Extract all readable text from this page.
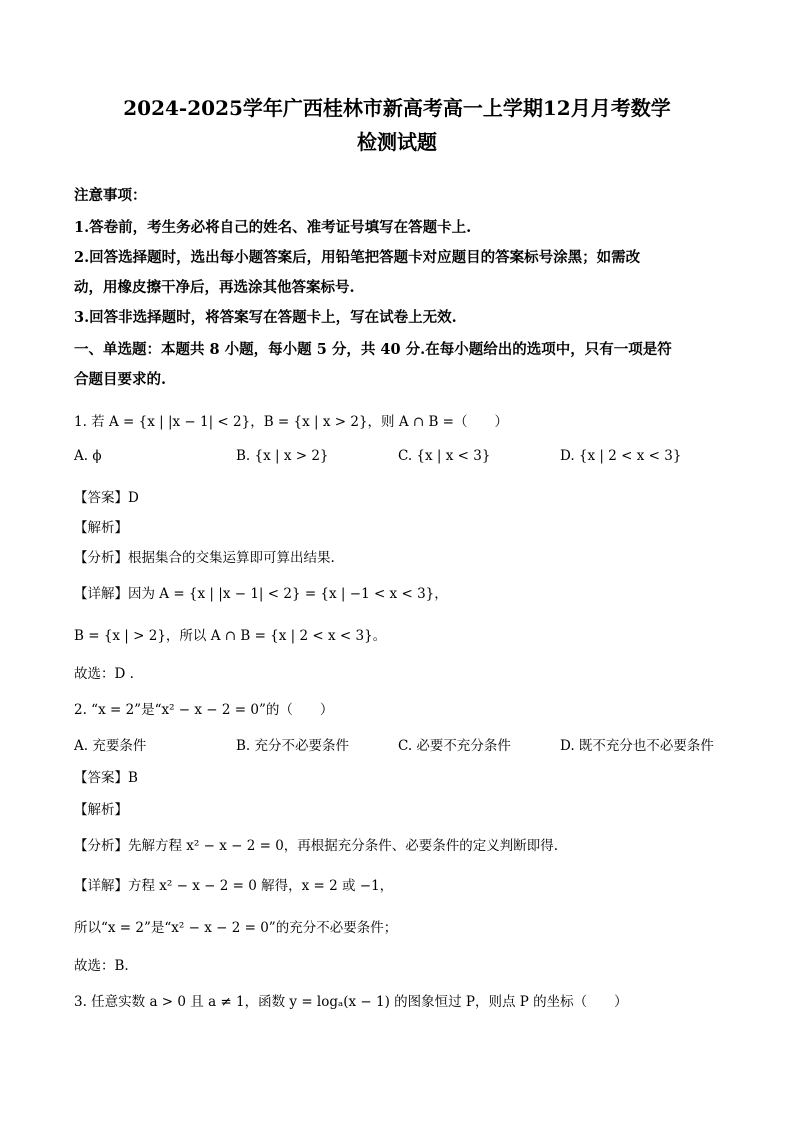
2024-2025学年广西桂林市新高考高一上学期12月月考数学
检测试题
注意事项：
1.答卷前，考生务必将自己的姓名、准考证号填写在答题卡上.
2.回答选择题时，选出每小题答案后，用铅笔把答题卡对应题目的答案标号涂黑；如需改
动，用橡皮擦干净后，再选涂其他答案标号.
3.回答非选择题时，将答案写在答题卡上，写在试卷上无效.
一、单选题：本题共 8 小题，每小题 5 分，共 40 分.在每小题给出的选项中，只有一项是符
合题目要求的.
1. 若 A = {x | |x − 1| < 2}，B = {x | x > 2}，则 A ∩ B =（　　）
A. ϕ	B. {x | x > 2}	C. {x | x < 3}	D. {x | 2 < x < 3}
【答案】D
【解析】
【分析】根据集合的交集运算即可算出结果.
【详解】因为 A = {x | |x − 1| < 2} = {x | −1 < x < 3}，
B = {x | > 2}，所以 A ∩ B = {x | 2 < x < 3}。
故选：D .
2. “x = 2”是“x² − x − 2 = 0”的（　　）
A. 充要条件	B. 充分不必要条件	C. 必要不充分条件	D. 既不充分也不必要条件
【答案】B
【解析】
【分析】先解方程 x² − x − 2 = 0，再根据充分条件、必要条件的定义判断即得.
【详解】方程 x² − x − 2 = 0 解得，x = 2 或 −1，
所以“x = 2”是“x² − x − 2 = 0”的充分不必要条件；
故选：B.
3. 任意实数 a > 0 且 a ≠ 1，函数 y = logₐ(x − 1) 的图象恒过 P，则点 P 的坐标（　　）
